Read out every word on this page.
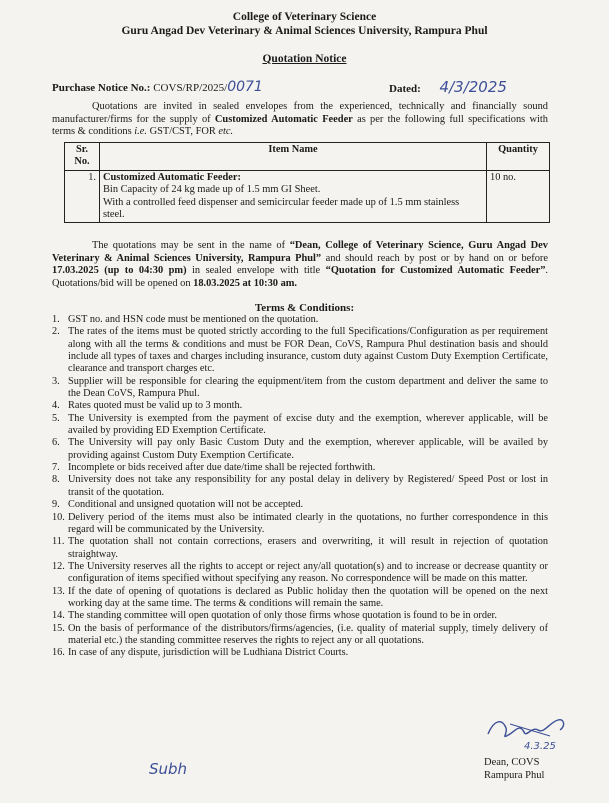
College of Veterinary Science
Guru Angad Dev Veterinary & Animal Sciences University, Rampura Phul
Quotation Notice
Purchase Notice No.: COVS/RP/2025/0071	Dated: 4/3/2025
Quotations are invited in sealed envelopes from the experienced, technically and financially sound manufacturer/firms for the supply of Customized Automatic Feeder as per the following full specifications with terms & conditions i.e. GST/CST, FOR etc.
Sr. No.	Item Name	Quantity
1.	Customized Automatic Feeder:
Bin Capacity of 24 kg made up of 1.5 mm GI Sheet.
With a controlled feed dispenser and semicircular feeder made up of 1.5 mm stainless steel.	10 no.
The quotations may be sent in the name of “Dean, College of Veterinary Science, Guru Angad Dev Veterinary & Animal Sciences University, Rampura Phul” and should reach by post or by hand on or before 17.03.2025 (up to 04:30 pm) in sealed envelope with title “Quotation for Customized Automatic Feeder”. Quotations/bid will be opened on 18.03.2025 at 10:30 am.
Terms & Conditions:
1. GST no. and HSN code must be mentioned on the quotation.
2. The rates of the items must be quoted strictly according to the full Specifications/Configuration as per requirement along with all the terms & conditions and must be FOR Dean, CoVS, Rampura Phul destination basis and should include all types of taxes and charges including insurance, custom duty against Custom Duty Exemption Certificate, clearance and transport charges etc.
3. Supplier will be responsible for clearing the equipment/item from the custom department and deliver the same to the Dean CoVS, Rampura Phul.
4. Rates quoted must be valid up to 3 month.
5. The University is exempted from the payment of excise duty and the exemption, wherever applicable, will be availed by providing ED Exemption Certificate.
6. The University will pay only Basic Custom Duty and the exemption, wherever applicable, will be availed by providing against Custom Duty Exemption Certificate.
7. Incomplete or bids received after due date/time shall be rejected forthwith.
8. University does not take any responsibility for any postal delay in delivery by Registered/ Speed Post or lost in transit of the quotation.
9. Conditional and unsigned quotation will not be accepted.
10. Delivery period of the items must also be intimated clearly in the quotations, no further correspondence in this regard will be communicated by the University.
11. The quotation shall not contain corrections, erasers and overwriting, it will result in rejection of quotation straightway.
12. The University reserves all the rights to accept or reject any/all quotation(s) and to increase or decrease quantity or configuration of items specified without specifying any reason. No correspondence will be made on this matter.
13. If the date of opening of quotations is declared as Public holiday then the quotation will be opened on the next working day at the same time. The terms & conditions will remain the same.
14. The standing committee will open quotation of only those firms whose quotation is found to be in order.
15. On the basis of performance of the distributors/firms/agencies, (i.e. quality of material supply, timely delivery of material etc.) the standing committee reserves the rights to reject any or all quotations.
16. In case of any dispute, jurisdiction will be Ludhiana District Courts.
4.3.25
Dean, COVS
Rampura Phul
Subh
